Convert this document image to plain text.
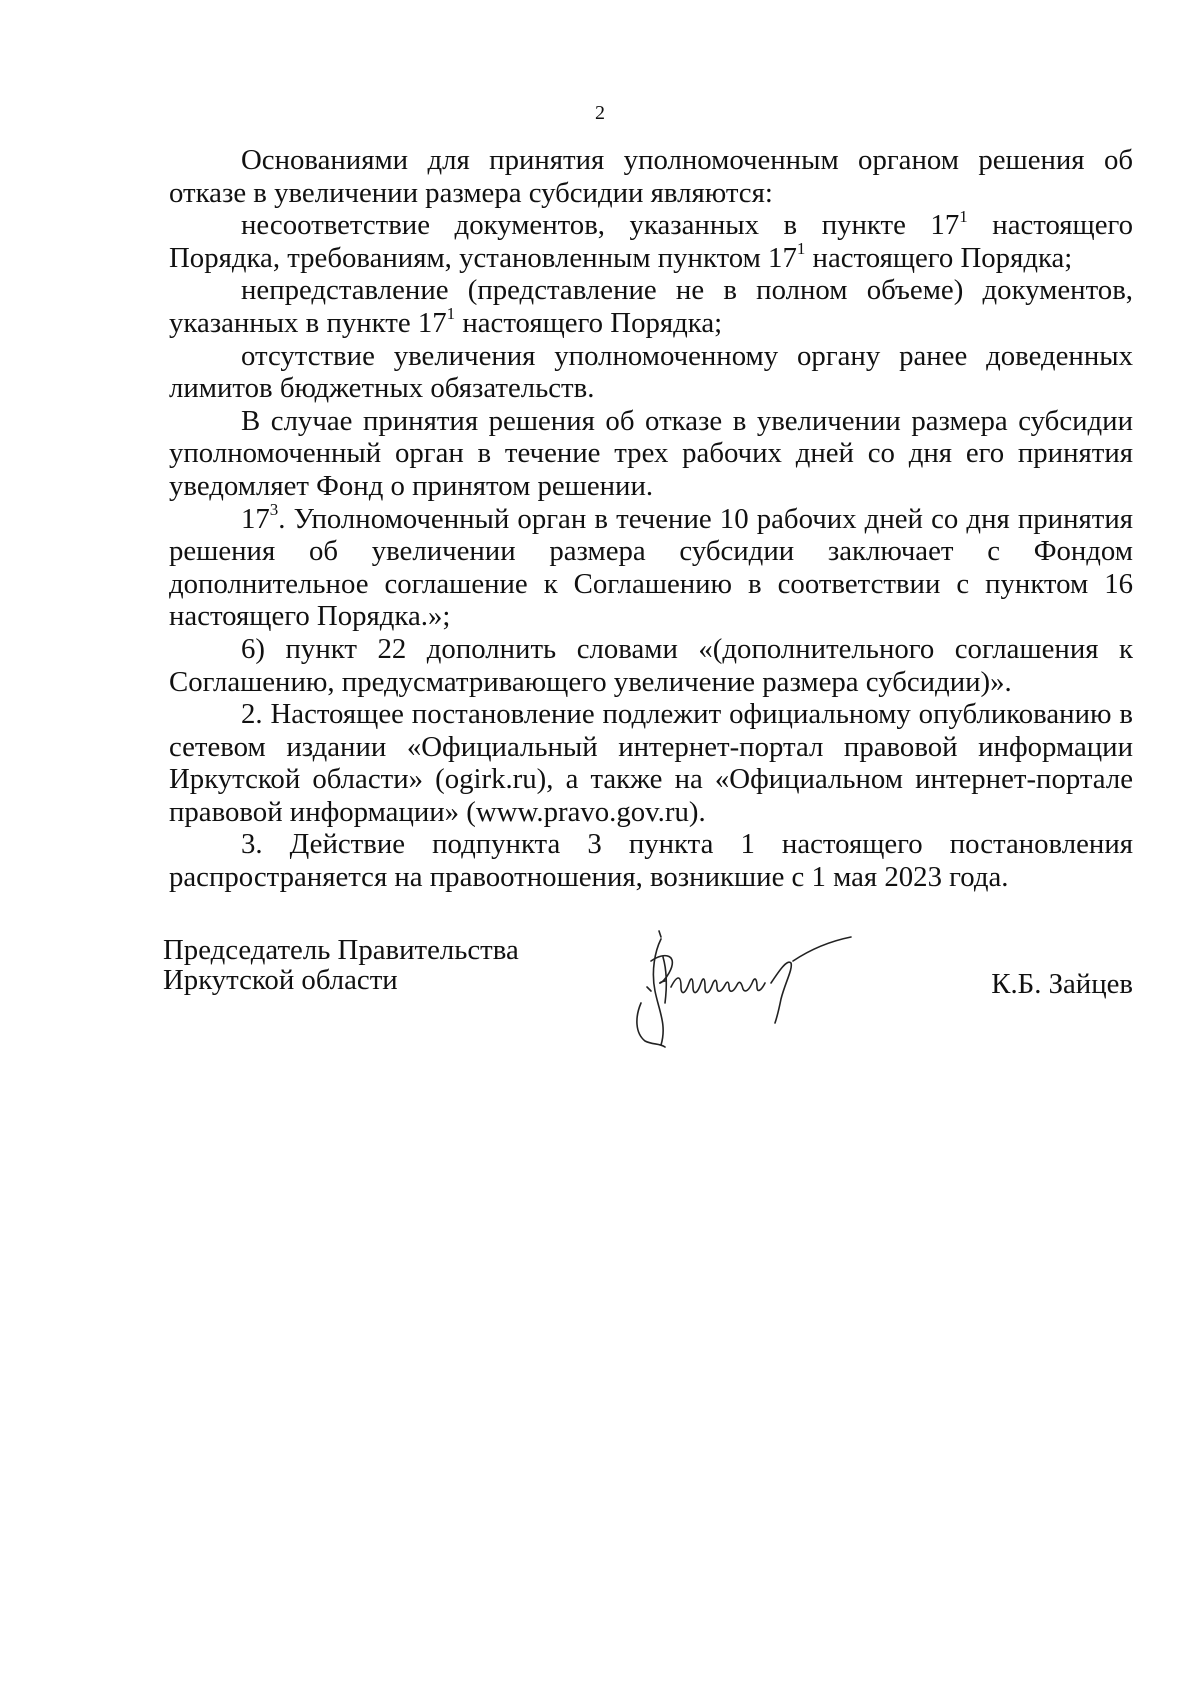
2

Основаниями для принятия уполномоченным органом решения об отказе в увеличении размера субсидии являются:

несоответствие документов, указанных в пункте $17^1$ настоящего Порядка, требованиям, установленным пунктом $17^1$ настоящего Порядка;

непредставление (представление не в полном объеме) документов, указанных в пункте $17^1$ настоящего Порядка;

отсутствие увеличения уполномоченному органу ранее доведенных лимитов бюджетных обязательств.

В случае принятия решения об отказе в увеличении размера субсидии уполномоченный орган в течение трех рабочих дней со дня его принятия уведомляет Фонд о принятом решении.

$17^3$. Уполномоченный орган в течение 10 рабочих дней со дня принятия решения об увеличении размера субсидии заключает с Фондом дополнительное соглашение к Соглашению в соответствии с пунктом 16 настоящего Порядка.»;

6) пункт 22 дополнить словами «(дополнительного соглашения к Соглашению, предусматривающего увеличение размера субсидии)».

2. Настоящее постановление подлежит официальному опубликованию в сетевом издании «Официальный интернет-портал правовой информации Иркутской области» (ogirk.ru), а также на «Официальном интернет-портале правовой информации» (www.pravo.gov.ru).

3. Действие подпункта 3 пункта 1 настоящего постановления распространяется на правоотношения, возникшие с 1 мая 2023 года.

Председатель Правительства
Иркутской области	К.Б. Зайцев
